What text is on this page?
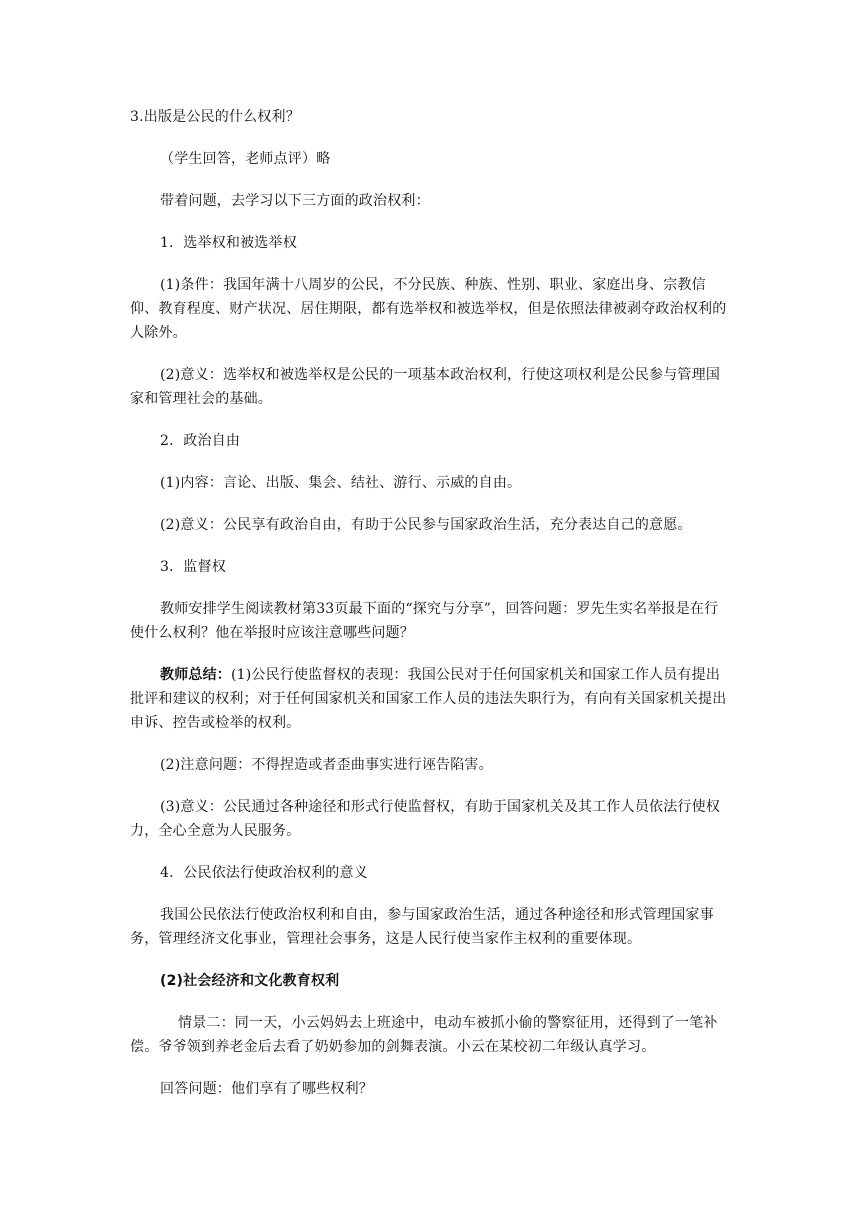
3.出版是公民的什么权利？

（学生回答，老师点评）略

带着问题，去学习以下三方面的政治权利：

1．选举权和被选举权

(1)条件：我国年满十八周岁的公民，不分民族、种族、性别、职业、家庭出身、宗教信仰、教育程度、财产状况、居住期限，都有选举权和被选举权，但是依照法律被剥夺政治权利的人除外。

(2)意义：选举权和被选举权是公民的一项基本政治权利，行使这项权利是公民参与管理国家和管理社会的基础。

2．政治自由

(1)内容：言论、出版、集会、结社、游行、示威的自由。

(2)意义：公民享有政治自由，有助于公民参与国家政治生活，充分表达自己的意愿。

3．监督权

教师安排学生阅读教材第33页最下面的“探究与分享”，回答问题：罗先生实名举报是在行使什么权利？他在举报时应该注意哪些问题？

教师总结：(1)公民行使监督权的表现：我国公民对于任何国家机关和国家工作人员有提出批评和建议的权利；对于任何国家机关和国家工作人员的违法失职行为，有向有关国家机关提出申诉、控告或检举的权利。

(2)注意问题：不得捏造或者歪曲事实进行诬告陷害。

(3)意义：公民通过各种途径和形式行使监督权，有助于国家机关及其工作人员依法行使权力，全心全意为人民服务。

4．公民依法行使政治权利的意义

我国公民依法行使政治权利和自由，参与国家政治生活，通过各种途径和形式管理国家事务，管理经济文化事业，管理社会事务，这是人民行使当家作主权利的重要体现。

(2)社会经济和文化教育权利

情景二：同一天，小云妈妈去上班途中，电动车被抓小偷的警察征用，还得到了一笔补偿。爷爷领到养老金后去看了奶奶参加的剑舞表演。小云在某校初二年级认真学习。

回答问题：他们享有了哪些权利？
